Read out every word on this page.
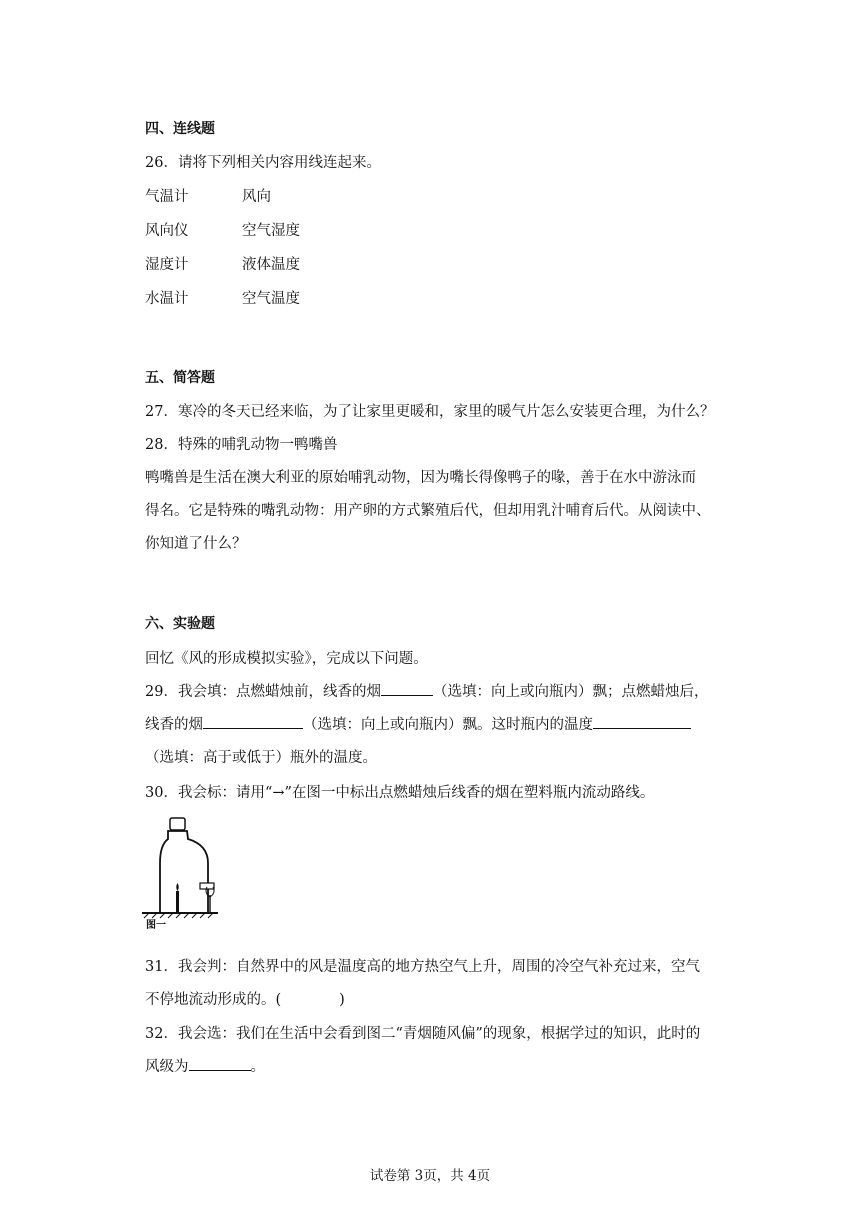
四、连线题
26．请将下列相关内容用线连起来。
气温计	风向
风向仪	空气湿度
湿度计	液体温度
水温计	空气温度
五、简答题
27．寒冷的冬天已经来临，为了让家里更暖和，家里的暖气片怎么安装更合理，为什么？
28．特殊的哺乳动物一鸭嘴兽
鸭嘴兽是生活在澳大利亚的原始哺乳动物，因为嘴长得像鸭子的喙，善于在水中游泳而
得名。它是特殊的嘴乳动物：用产卵的方式繁殖后代，但却用乳汁哺育后代。从阅读中、
你知道了什么？
六、实验题
回忆《风的形成模拟实验》，完成以下问题。
29．我会填：点燃蜡烛前，线香的烟	（选填：向上或向瓶内）飘；点燃蜡烛后，
线香的烟	（选填：向上或向瓶内）飘。这时瓶内的温度
（选填：高于或低于）瓶外的温度。
30．我会标：请用“→”在图一中标出点燃蜡烛后线香的烟在塑料瓶内流动路线。
图一
31．我会判：自然界中的风是温度高的地方热空气上升，周围的冷空气补充过来，空气
不停地流动形成的。(	)
32．我会选：我们在生活中会看到图二“青烟随风偏”的现象，根据学过的知识，此时的
风级为	。
试卷第 3页，共 4页
